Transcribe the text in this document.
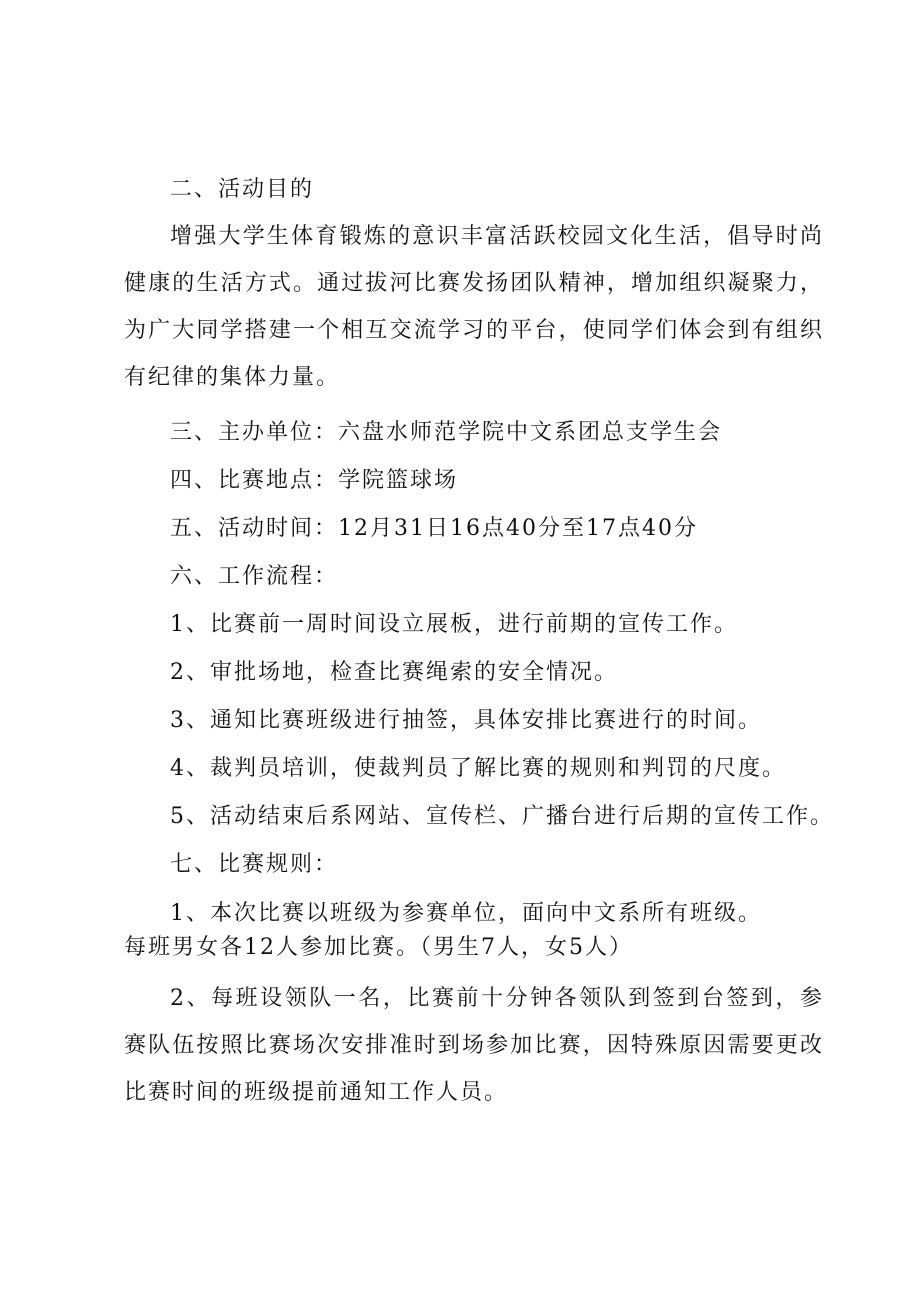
二、活动目的

增强大学生体育锻炼的意识丰富活跃校园文化生活，倡导时尚健康的生活方式。通过拔河比赛发扬团队精神，增加组织凝聚力，为广大同学搭建一个相互交流学习的平台，使同学们体会到有组织有纪律的集体力量。

三、主办单位：六盘水师范学院中文系团总支学生会

四、比赛地点：学院篮球场

五、活动时间：12月31日16点40分至17点40分

六、工作流程：

1、比赛前一周时间设立展板，进行前期的宣传工作。

2、审批场地，检查比赛绳索的安全情况。

3、通知比赛班级进行抽签，具体安排比赛进行的时间。

4、裁判员培训，使裁判员了解比赛的规则和判罚的尺度。

5、活动结束后系网站、宣传栏、广播台进行后期的宣传工作。

七、比赛规则：

1、本次比赛以班级为参赛单位，面向中文系所有班级。每班男女各12人参加比赛。（男生7人，女5人）

2、每班设领队一名，比赛前十分钟各领队到签到台签到，参赛队伍按照比赛场次安排准时到场参加比赛，因特殊原因需要更改比赛时间的班级提前通知工作人员。
